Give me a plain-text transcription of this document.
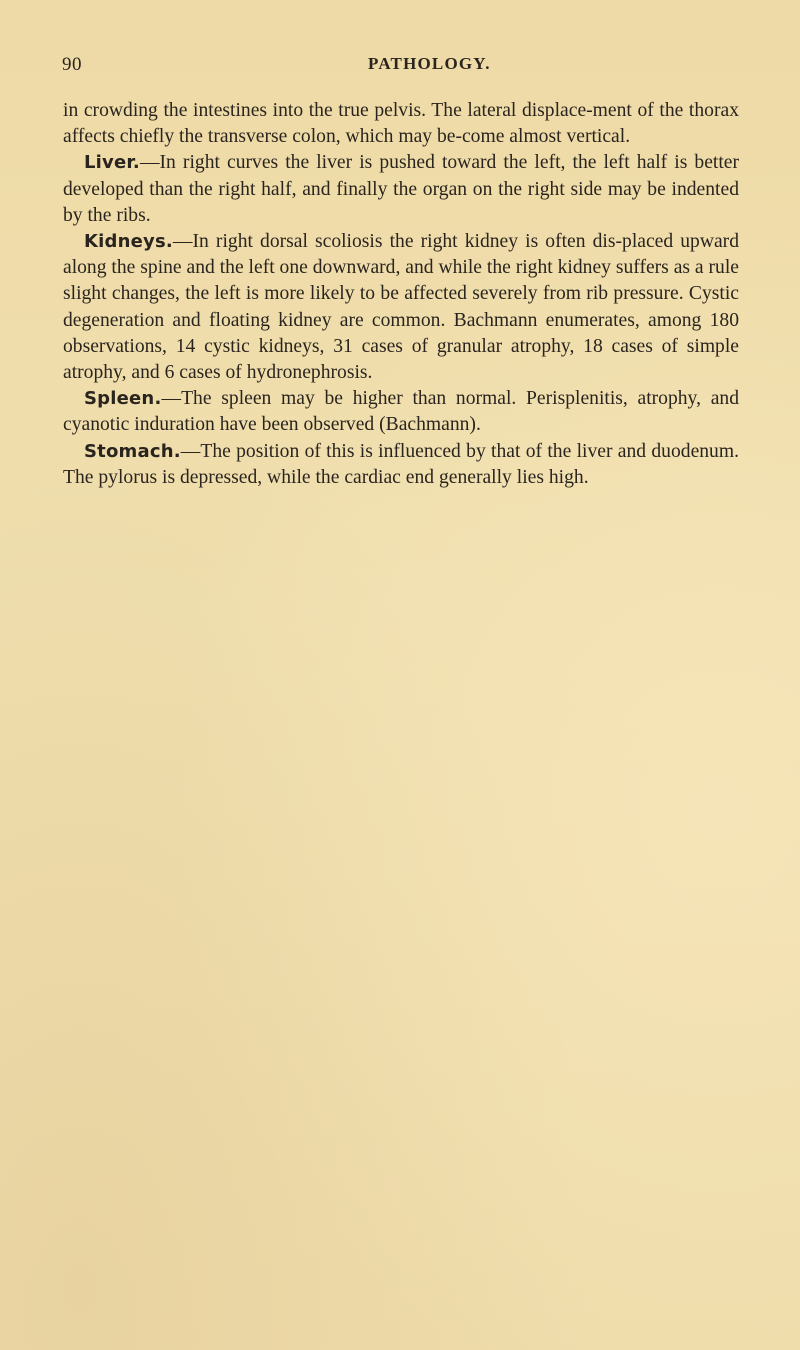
90	PATHOLOGY.

in crowding the intestines into the true pelvis. The lateral displace-ment of the thorax affects chiefly the transverse colon, which may be-come almost vertical.

Liver.—In right curves the liver is pushed toward the left, the left half is better developed than the right half, and finally the organ on the right side may be indented by the ribs.

Kidneys.—In right dorsal scoliosis the right kidney is often dis-placed upward along the spine and the left one downward, and while the right kidney suffers as a rule slight changes, the left is more likely to be affected severely from rib pressure. Cystic degeneration and floating kidney are common. Bachmann enumerates, among 180 observations, 14 cystic kidneys, 31 cases of granular atrophy, 18 cases of simple atrophy, and 6 cases of hydronephrosis.

Spleen.—The spleen may be higher than normal. Perisplenitis, atrophy, and cyanotic induration have been observed (Bachmann).

Stomach.—The position of this is influenced by that of the liver and duodenum. The pylorus is depressed, while the cardiac end generally lies high.
